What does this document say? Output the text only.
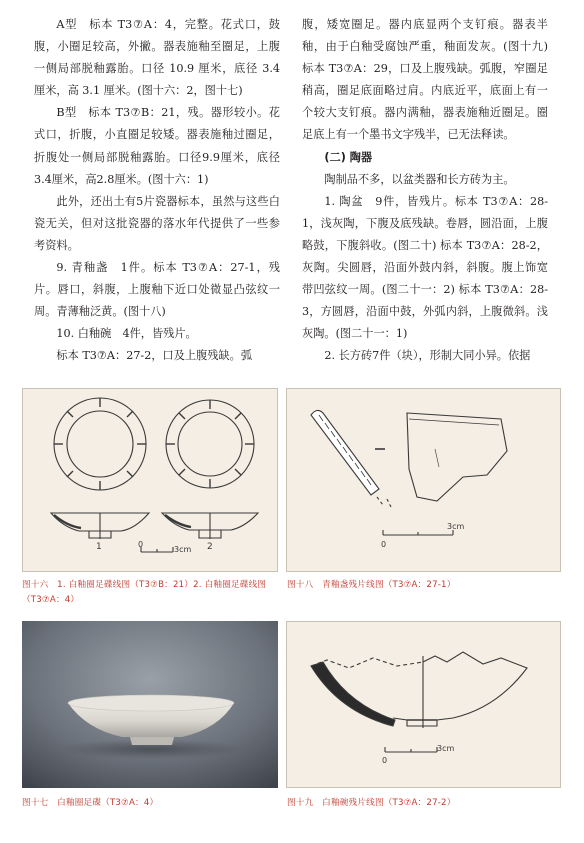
A型　标本 T3⑦A：4，完整。花式口，鼓腹，小圈足较高，外撇。器表施釉至圈足，上腹一侧局部脱釉露胎。口径 10.9 厘米，底径 3.4 厘米，高 3.1 厘米。(图十六：2，图十七)

B型　标本 T3⑦B：21，残。器形较小。花式口，折腹，小直圈足较矮。器表施釉过圈足，折腹处一侧局部脱釉露胎。口径9.9厘米，底径3.4厘米，高2.8厘米。(图十六：1)

此外，还出土有5片瓷器标本，虽然与这些白瓷无关，但对这批瓷器的落水年代提供了一些参考资料。

9. 青釉盏　1件。标本 T3⑦A：27-1，残片。唇口，斜腹，上腹釉下近口处微显凸弦纹一周。青薄釉泛黄。(图十八)

10. 白釉碗　4件，皆残片。

标本 T3⑦A：27-2，口及上腹残缺。弧

腹，矮宽圈足。器内底显两个支钉痕。器表半釉，由于白釉受腐蚀严重，釉面发灰。(图十九) 标本 T3⑦A：29，口及上腹残缺。弧腹，窄圈足稍高，圈足底面略过肩。内底近平，底面上有一个较大支钉痕。器内满釉，器表施釉近圈足。圈足底上有一个墨书文字残半，已无法释读。

(二) 陶器

陶制品不多，以盆类器和长方砖为主。

1. 陶盆　9件，皆残片。标本 T3⑦A：28-1，浅灰陶，下腹及底残缺。卷唇，圆沿面，上腹略鼓，下腹斜收。(图二十) 标本 T3⑦A：28-2，灰陶。尖圆唇，沿面外鼓内斜，斜腹。腹上饰宽带凹弦纹一周。(图二十一：2) 标本 T3⑦A：28-3，方圆唇，沿面中鼓，外弧内斜，上腹微斜。浅灰陶。(图二十一：1)

2. 长方砖7件（块），形制大同小异。依据

1	2
0
3cm
图十六　1. 白釉圈足碟线图（T3⑦B：21）2. 白釉圈足碟线图（T3⑦A：4）
0
3cm
图十八　青釉盏残片线图（T3⑦A：27-1）
图十七　白釉圈足碟（T3⑦A：4）
0
3cm
图十九　白釉碗残片线图（T3⑦A：27-2）
